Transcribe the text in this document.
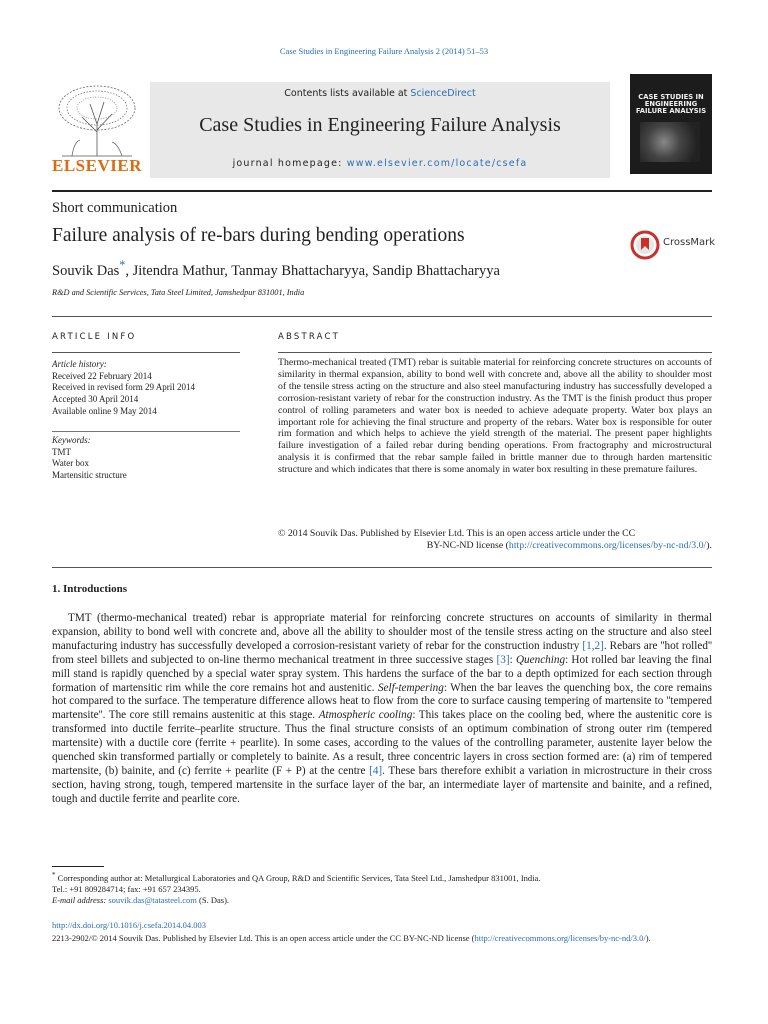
Case Studies in Engineering Failure Analysis 2 (2014) 51–53
ELSEVIER
Contents lists available at ScienceDirect
Case Studies in Engineering Failure Analysis
journal homepage: www.elsevier.com/locate/csefa
CASE STUDIES IN ENGINEERING FAILURE ANALYSIS
Short communication
Failure analysis of re-bars during bending operations
Souvik Das*, Jitendra Mathur, Tanmay Bhattacharyya, Sandip Bhattacharyya
R&D and Scientific Services, Tata Steel Limited, Jamshedpur 831001, India
CrossMark
ARTICLE INFO	ABSTRACT
Article history:
Received 22 February 2014
Received in revised form 29 April 2014
Accepted 30 April 2014
Available online 9 May 2014
Keywords:
TMT
Water box
Martensitic structure
Thermo-mechanical treated (TMT) rebar is suitable material for reinforcing concrete structures on accounts of similarity in thermal expansion, ability to bond well with concrete and, above all the ability to shoulder most of the tensile stress acting on the structure and also steel manufacturing industry has successfully developed a corrosion-resistant variety of rebar for the construction industry. As the TMT is the finish product thus proper control of rolling parameters and water box is needed to achieve adequate property. Water box plays an important role for achieving the final structure and property of the rebars. Water box is responsible for outer rim formation and which helps to achieve the yield strength of the material. The present paper highlights failure investigation of a failed rebar during bending operations. From fractography and microstructural analysis it is confirmed that the rebar sample failed in brittle manner due to through harden martensitic structure and which indicates that there is some anomaly in water box resulting in these premature failures.
© 2014 Souvik Das. Published by Elsevier Ltd. This is an open access article under the CC
BY-NC-ND license (http://creativecommons.org/licenses/by-nc-nd/3.0/).
1. Introductions
TMT (thermo-mechanical treated) rebar is appropriate material for reinforcing concrete structures on accounts of similarity in thermal expansion, ability to bond well with concrete and, above all the ability to shoulder most of the tensile stress acting on the structure and also steel manufacturing industry has successfully developed a corrosion-resistant variety of rebar for the construction industry [1,2]. Rebars are ''hot rolled'' from steel billets and subjected to on-line thermo mechanical treatment in three successive stages [3]: Quenching: Hot rolled bar leaving the final mill stand is rapidly quenched by a special water spray system. This hardens the surface of the bar to a depth optimized for each section through formation of martensitic rim while the core remains hot and austenitic. Self-tempering: When the bar leaves the quenching box, the core remains hot compared to the surface. The temperature difference allows heat to flow from the core to surface causing tempering of martensite to ''tempered martensite''. The core still remains austenitic at this stage. Atmospheric cooling: This takes place on the cooling bed, where the austenitic core is transformed into ductile ferrite–pearlite structure. Thus the final structure consists of an optimum combination of strong outer rim (tempered martensite) with a ductile core (ferrite + pearlite). In some cases, according to the values of the controlling parameter, austenite layer below the quenched skin transformed partially or completely to bainite. As a result, three concentric layers in cross section formed are: (a) rim of tempered martensite, (b) bainite, and (c) ferrite + pearlite (F + P) at the centre [4]. These bars therefore exhibit a variation in microstructure in their cross section, having strong, tough, tempered martensite in the surface layer of the bar, an intermediate layer of martensite and bainite, and a refined, tough and ductile ferrite and pearlite core.
* Corresponding author at: Metallurgical Laboratories and QA Group, R&D and Scientific Services, Tata Steel Ltd., Jamshedpur 831001, India.
Tel.: +91 809284714; fax: +91 657 234395.
E-mail address: souvik.das@tatasteel.com (S. Das).
http://dx.doi.org/10.1016/j.csefa.2014.04.003
2213-2902/© 2014 Souvik Das. Published by Elsevier Ltd. This is an open access article under the CC BY-NC-ND license (http://creativecommons.org/licenses/by-nc-nd/3.0/).
